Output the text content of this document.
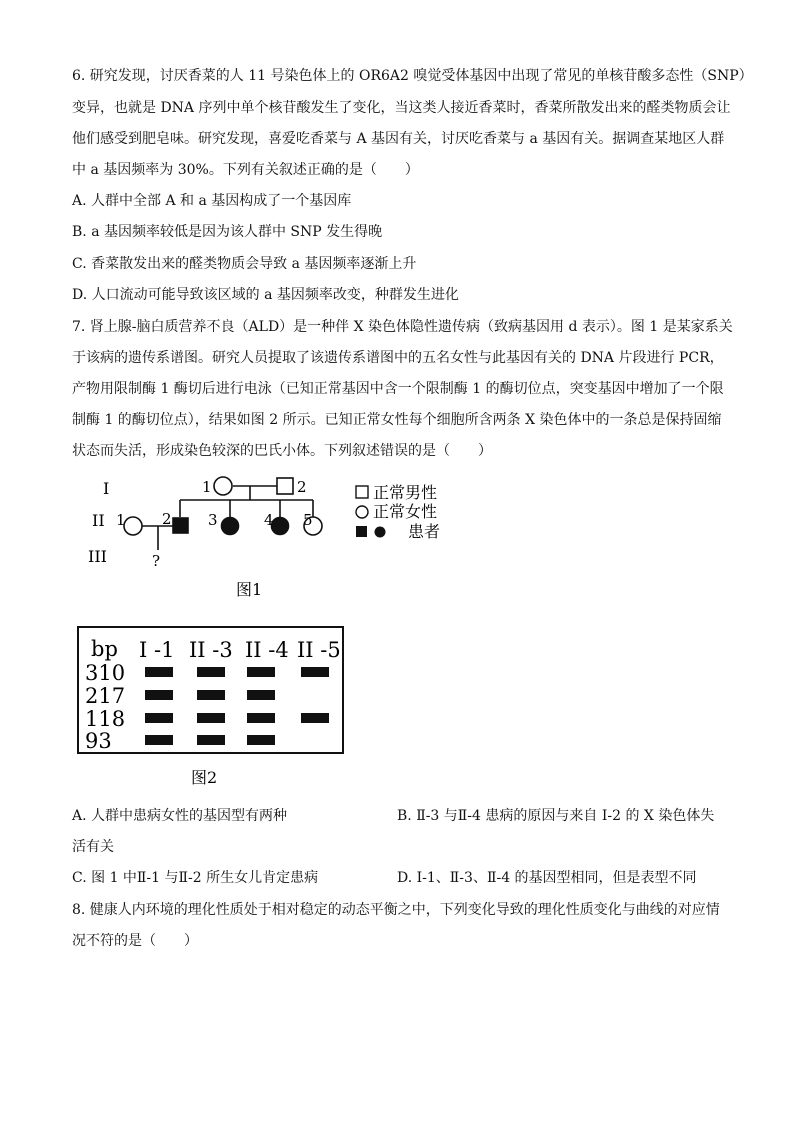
6. 研究发现，讨厌香菜的人 11 号染色体上的 OR6A2 嗅觉受体基因中出现了常见的单核苷酸多态性（SNP）
变异，也就是 DNA 序列中单个核苷酸发生了变化，当这类人接近香菜时，香菜所散发出来的醛类物质会让
他们感受到肥皂味。研究发现，喜爱吃香菜与 A 基因有关，讨厌吃香菜与 a 基因有关。据调查某地区人群
中 a 基因频率为 30%。下列有关叙述正确的是（　　）
A. 人群中全部 A 和 a 基因构成了一个基因库
B. a 基因频率较低是因为该人群中 SNP 发生得晚
C. 香菜散发出来的醛类物质会导致 a 基因频率逐渐上升
D. 人口流动可能导致该区域的 a 基因频率改变，种群发生进化
7. 肾上腺-脑白质营养不良（ALD）是一种伴 X 染色体隐性遗传病（致病基因用 d 表示）。图 1 是某家系关
于该病的遗传系谱图。研究人员提取了该遗传系谱图中的五名女性与此基因有关的 DNA 片段进行 PCR，
产物用限制酶 1 酶切后进行电泳（已知正常基因中含一个限制酶 1 的酶切位点，突变基因中增加了一个限
制酶 1 的酶切位点），结果如图 2 所示。已知正常女性每个细胞所含两条 X 染色体中的一条总是保持固缩
状态而失活，形成染色较深的巴氏小体。下列叙述错误的是（　　）
I
II
III
1	2
1 2 3	4 5
?
正常男性
正常女性
患者
图1
bp I -1 II -3 II -4 II -5
310
217
118
93
图2
A. 人群中患病女性的基因型有两种	B. Ⅱ-3 与Ⅱ-4 患病的原因与来自 I-2 的 X 染色体失
活有关
C. 图 1 中Ⅱ-1 与Ⅱ-2 所生女儿肯定患病	D. I-1、Ⅱ-3、Ⅱ-4 的基因型相同，但是表型不同
8. 健康人内环境的理化性质处于相对稳定的动态平衡之中，下列变化导致的理化性质变化与曲线的对应情
况不符的是（　　）
